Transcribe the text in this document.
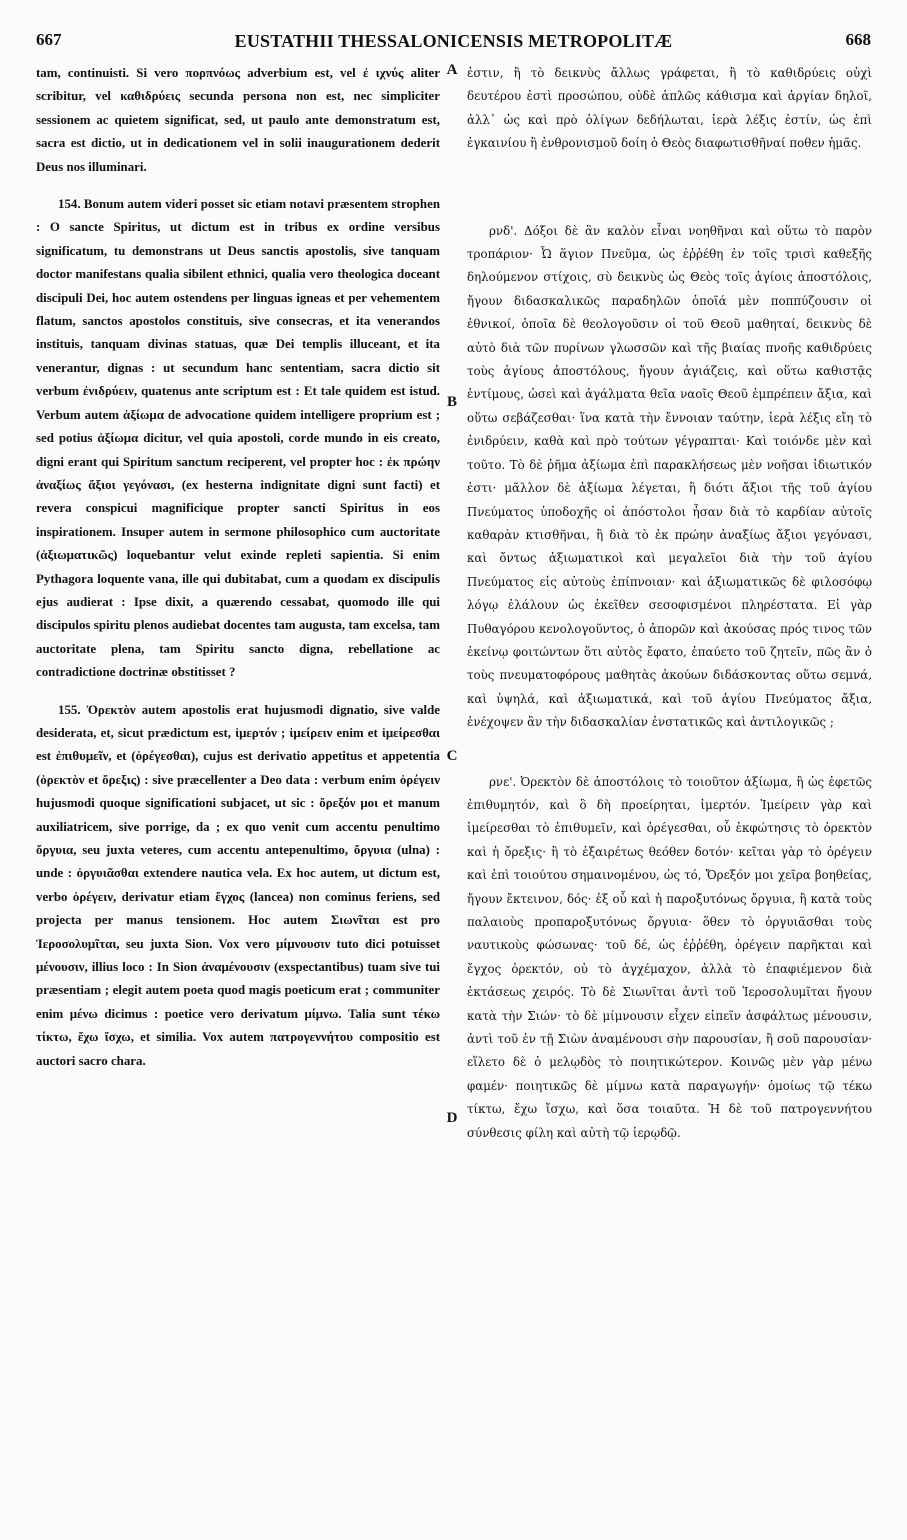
667	EUSTATHII THESSALONICENSIS METROPOLITÆ	668

tam, continuisti. Si vero πορπνόως adverbium est, vel ἐ ιχνύς aliter scribitur, vel καθιδρύεις secunda persona non est, nec simpliciter sessionem ac quietem significat, sed, ut paulo ante demonstratum est, sacra est dictio, ut in dedicationem vel in solii inaugurationem dederit Deus nos illuminari.

154. Bonum autem videri posset sic etiam notavi præsentem strophen : O sancte Spiritus, ut dictum est in tribus ex ordine versibus significatum, tu demonstrans ut Deus sanctis apostolis, sive tanquam doctor manifestans qualia sibilent ethnici, qualia vero theologica doceant discipuli Dei, hoc autem ostendens per linguas igneas et per vehementem flatum, sanctos apostolos constituis, sive consecras, et ita venerandos instituis, tanquam divinas statuas, quæ Dei templis illuceant, et ita venerantur, dignas : ut secundum hanc sententiam, sacra dictio sit verbum ἐνιδρύειν, quatenus ante scriptum est : Et tale quidem est istud. Verbum autem ἀξίωμα de advocatione quidem intelligere proprium est ; sed potius ἀξίωμα dicitur, vel quia apostoli, corde mundo in eis creato, digni erant qui Spiritum sanctum reciperent, vel propter hoc : ἐκ πρώην ἀναξίως ἄξιοι γεγόνασι, (ex hesterna indignitate digni sunt facti) et revera conspicui magnificique propter sancti Spiritus in eos inspirationem. Insuper autem in sermone philosophico cum auctoritate (ἀξιωματικῶς) loquebantur velut exinde repleti sapientia. Si enim Pythagora loquente vana, ille qui dubitabat, cum a quodam ex discipulis ejus audierat : Ipse dixit, a quærendo cessabat, quomodo ille qui discipulos spiritu plenos audiebat docentes tam augusta, tam excelsa, tam auctoritate plena, tam Spiritu sancto digna, rebellatione ac contradictione doctrinæ obstitisset ?

155. Ὀρεκτὸν autem apostolis erat hujusmodi dignatio, sive valde desiderata, et, sicut prædictum est, ἱμερτόν ; ἱμείρειν enim et ἱμείρεσθαι est ἐπιθυμεῖν, et (ὀρέγεσθαι), cujus est derivatio appetitus et appetentia (ὀρεκτὸν et ὄρεξις) : sive præcellenter a Deo data : verbum enim ὀρέγειν hujusmodi quoque significationi subjacet, ut sic : ὄρεξόν μοι et manum auxiliatricem, sive porrige, da ; ex quo venit cum accentu penultimo ὄργυια, seu juxta veteres, cum accentu antepenultimo, ὄργυια (ulna) : unde : ὀργυιᾶσθαι extendere nautica vela. Ex hoc autem, ut dictum est, verbo ὀρέγειν, derivatur etiam ἔγχος (lancea) non cominus feriens, sed projecta per manus tensionem. Hoc autem Σιωνῖται est pro Ἱεροσολυμῖται, seu juxta Sion. Vox vero μίμνουσιν tuto dici potuisset μένουσιν, illius loco : In Sion ἀναμένουσιν (exspectantibus) tuam sive tui præsentiam ; elegit autem poeta quod magis poeticum erat ; communiter enim μένω dicimus : poetice vero derivatum μίμνω. Talia sunt τέκω τίκτω, ἔχω ἴσχω, et similia. Vox autem πατρογεννήτου compositio est auctori sacro chara.

ἐστιν, ἢ τὸ δεικνὺς ἄλλως γράφεται, ἢ τὸ καθιδρύεις οὐχὶ δευτέρου ἐστὶ προσώπου, οὐδὲ ἁπλῶς κάθισμα καὶ ἀργίαν δηλοῖ, ἀλλ᾽ ὡς καὶ πρὸ ὀλίγων δεδήλωται, ἱερὰ λέξις ἐστίν, ὡς ἐπὶ ἐγκαινίου ἢ ἐνθρονισμοῦ δοίη ὁ Θεὸς διαφωτισθῆναί ποθεν ἡμᾶς.

ρνδ'. Δόξοι δὲ ἂν καλὸν εἶναι νοηθῆναι καὶ οὕτω τὸ παρὸν τροπάριον· Ὦ ἅγιον Πνεῦμα, ὡς ἐῤῥέθη ἐν τοῖς τρισὶ καθεξῆς δηλούμενον στίχοις, σὺ δεικνὺς ὡς Θεὸς τοῖς ἁγίοις ἀποστόλοις, ἤγουν διδασκαλικῶς παραδηλῶν ὁποῖά μὲν ποππύζουσιν οἱ ἐθνικοί, ὁποῖα δὲ θεολογοῦσιν οἱ τοῦ Θεοῦ μαθηταί, δεικνὺς δὲ αὐτὸ διὰ τῶν πυρίνων γλωσσῶν καὶ τῆς βιαίας πνοῆς καθιδρύεις τοὺς ἁγίους ἀποστόλους, ἤγουν ἀγιάζεις, καὶ οὕτω καθιστᾷς ἐντίμους, ὡσεὶ καὶ ἀγάλματα θεῖα ναοῖς Θεοῦ ἐμπρέπειν ἄξια, καὶ οὕτω σεβάζεσθαι· ἵνα κατὰ τὴν ἔννοιαν ταύτην, ἱερὰ λέξις εἴη τὸ ἐνιδρύειν, καθὰ καὶ πρὸ τούτων γέγραπται· Καὶ τοιόνδε μὲν καὶ τοῦτο. Τὸ δὲ ῥῆμα ἀξίωμα ἐπὶ παρακλήσεως μὲν νοῆσαι ἰδιωτικόν ἐστι· μᾶλλον δὲ ἀξίωμα λέγεται, ἢ διότι ἄξιοι τῆς τοῦ ἁγίου Πνεύματος ὑποδοχῆς οἱ ἀπόστολοι ἦσαν διὰ τὸ καρδίαν αὐτοῖς καθαρὰν κτισθῆναι, ἢ διὰ τὸ ἐκ πρώην ἀναξίως ἄξιοι γεγόνασι, καὶ ὄντως ἀξιωματικοὶ καὶ μεγαλεῖοι διὰ τὴν τοῦ ἁγίου Πνεύματος εἰς αὐτοὺς ἐπίπνοιαν· καὶ ἀξιωματικῶς δὲ φιλοσόφῳ λόγῳ ἐλάλουν ὡς ἐκεῖθεν σεσοφισμένοι πληρέστατα. Εἰ γὰρ Πυθαγόρου κενολογοῦντος, ὁ ἀπορῶν καὶ ἀκούσας πρός τινος τῶν ἐκείνῳ φοιτώντων ὅτι αὐτὸς ἔφατο, ἐπαύετο τοῦ ζητεῖν, πῶς ἂν ὁ τοὺς πνευματοφόρους μαθητὰς ἀκούων διδάσκοντας οὕτω σεμνά, καὶ ὑψηλά, καὶ ἀξιωματικά, καὶ τοῦ ἁγίου Πνεύματος ἄξια, ἐνέχοψεν ἂν τὴν διδασκαλίαν ἐνστατικῶς καὶ ἀντιλογικῶς ;

ρνε'. Ὀρεκτὸν δὲ ἀποστόλοις τὸ τοιοῦτον ἀξίωμα, ἢ ὡς ἐφετῶς ἐπιθυμητόν, καὶ ὃ δὴ προείρηται, ἱμερτόν. Ἱμείρειν γὰρ καὶ ἱμείρεσθαι τὸ ἐπιθυμεῖν, καὶ ὀρέγεσθαι, οὗ ἐκφώτησις τὸ ὀρεκτὸν καὶ ἡ ὄρεξις· ἢ τὸ ἐξαιρέτως θεόθεν δοτόν· κεῖται γὰρ τὸ ὀρέγειν καὶ ἐπὶ τοιούτου σημαινομένου, ὡς τό, Ὄρεξόν μοι χεῖρα βοηθείας, ἤγουν ἔκτεινον, δός· ἐξ οὗ καὶ ἡ παροξυτόνως ὄργυια, ἢ κατὰ τοὺς παλαιοὺς προπαροξυτόνως ὄργυια· ὅθεν τὸ ὀργυιᾶσθαι τοὺς ναυτικοὺς φώσωνας· τοῦ δέ, ὡς ἐῤῥέθη, ὀρέγειν παρῆκται καὶ ἔγχος ὀρεκτόν, οὐ τὸ ἀγχέμαχον, ἀλλὰ τὸ ἐπαφιέμενον διὰ ἐκτάσεως χειρός. Τὸ δὲ Σιωνῖται ἀντὶ τοῦ Ἱεροσολυμῖται ἤγουν κατὰ τὴν Σιών· τὸ δὲ μίμνουσιν εἶχεν εἰπεῖν ἀσφάλτως μένουσιν, ἀντὶ τοῦ ἐν τῇ Σιὼν ἀναμένουσι σὴν παρουσίαν, ἢ σοῦ παρουσίαν· εἵλετο δὲ ὁ μελῳδὸς τὸ ποιητικώτερον. Κοινῶς μὲν γὰρ μένω φαμέν· ποιητικῶς δὲ μίμνω κατὰ παραγωγήν· ὁμοίως τῷ τέκω τίκτω, ἔχω ἴσχω, καὶ ὅσα τοιαῦτα. Ἡ δὲ τοῦ πατρογεννήτου σύνθεσις φίλη καὶ αὐτὴ τῷ ἱερῳδῷ.

A
B
C
D
